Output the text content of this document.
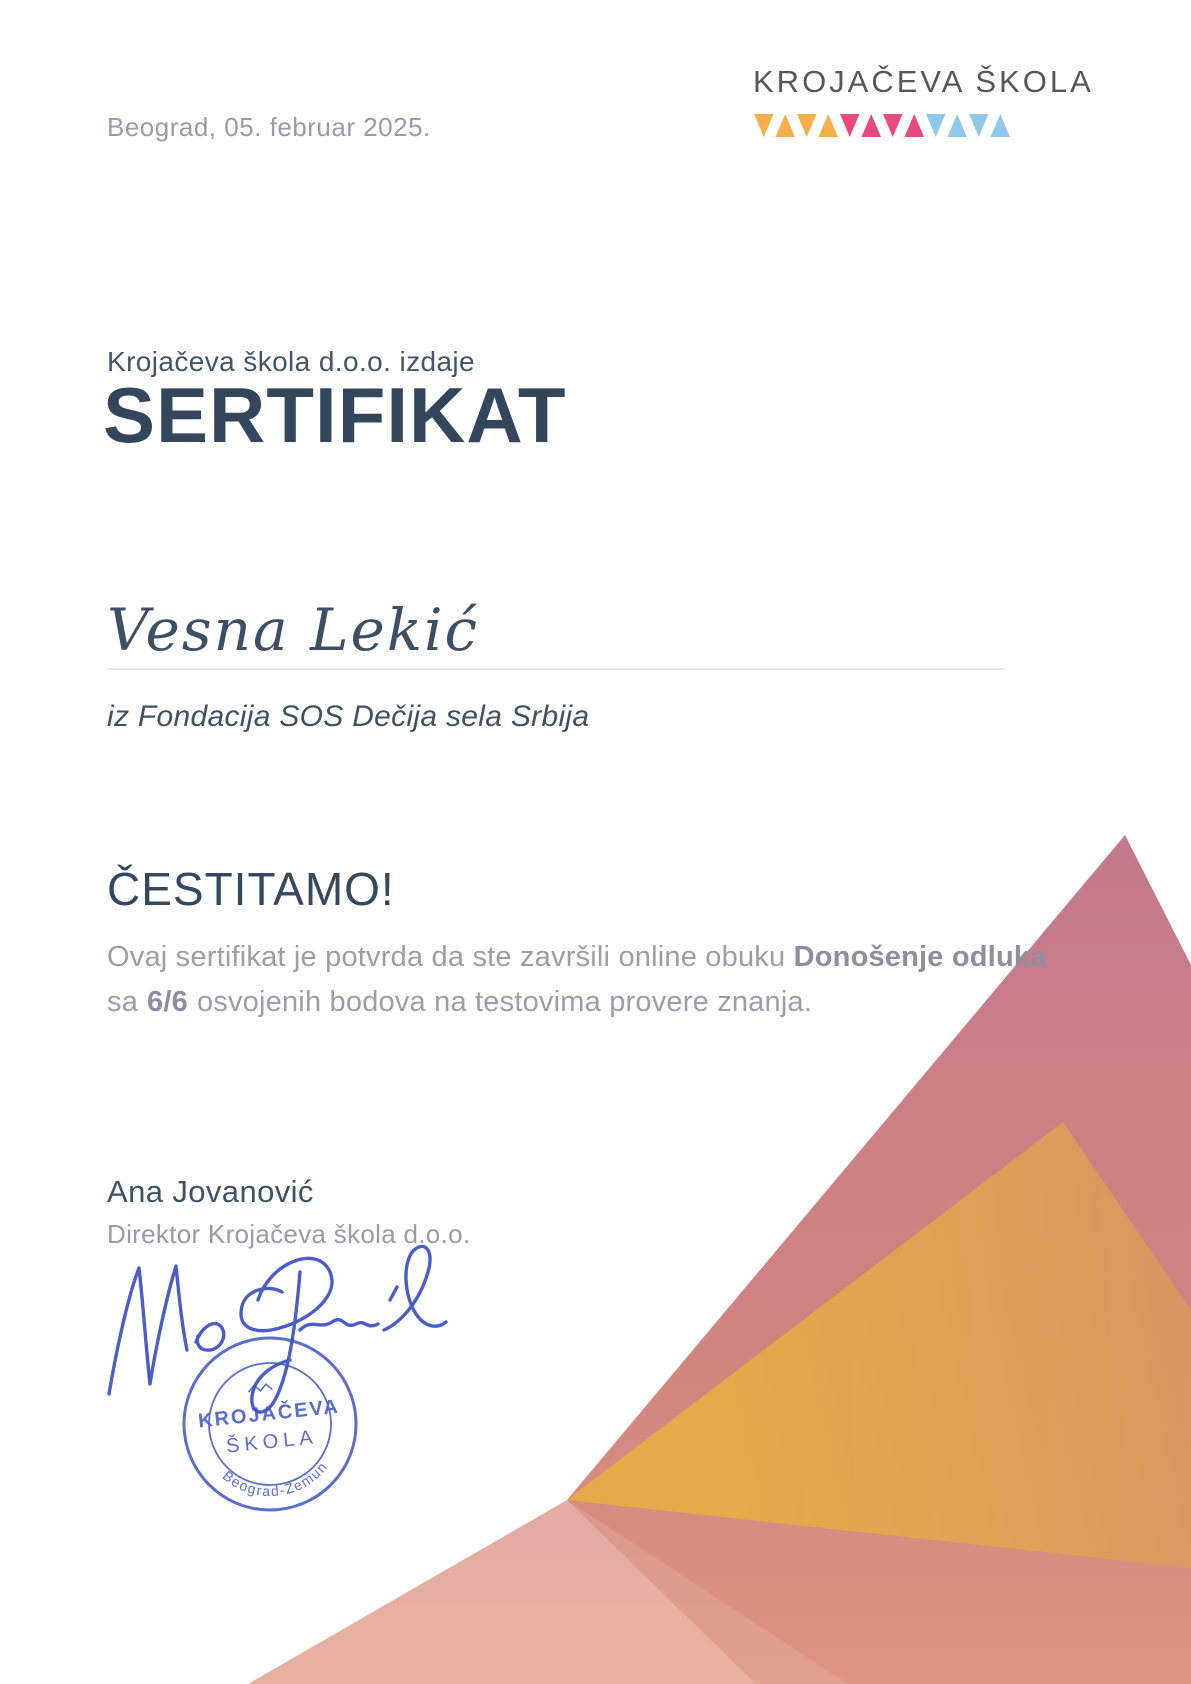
Beograd, 05. februar 2025.
KROJAČEVA ŠKOLA
Krojačeva škola d.o.o. izdaje
SERTIFIKAT
Vesna Lekić
iz Fondacija SOS Dečija sela Srbija
ČESTITAMO!
Ovaj sertifikat je potvrda da ste završili online obuku Donošenje odluka
sa 6/6 osvojenih bodova na testovima provere znanja.
Ana Jovanović
Direktor Krojačeva škola d.o.o.
KROJAČEVA
ŠKOLA
Beograd-Zemun
